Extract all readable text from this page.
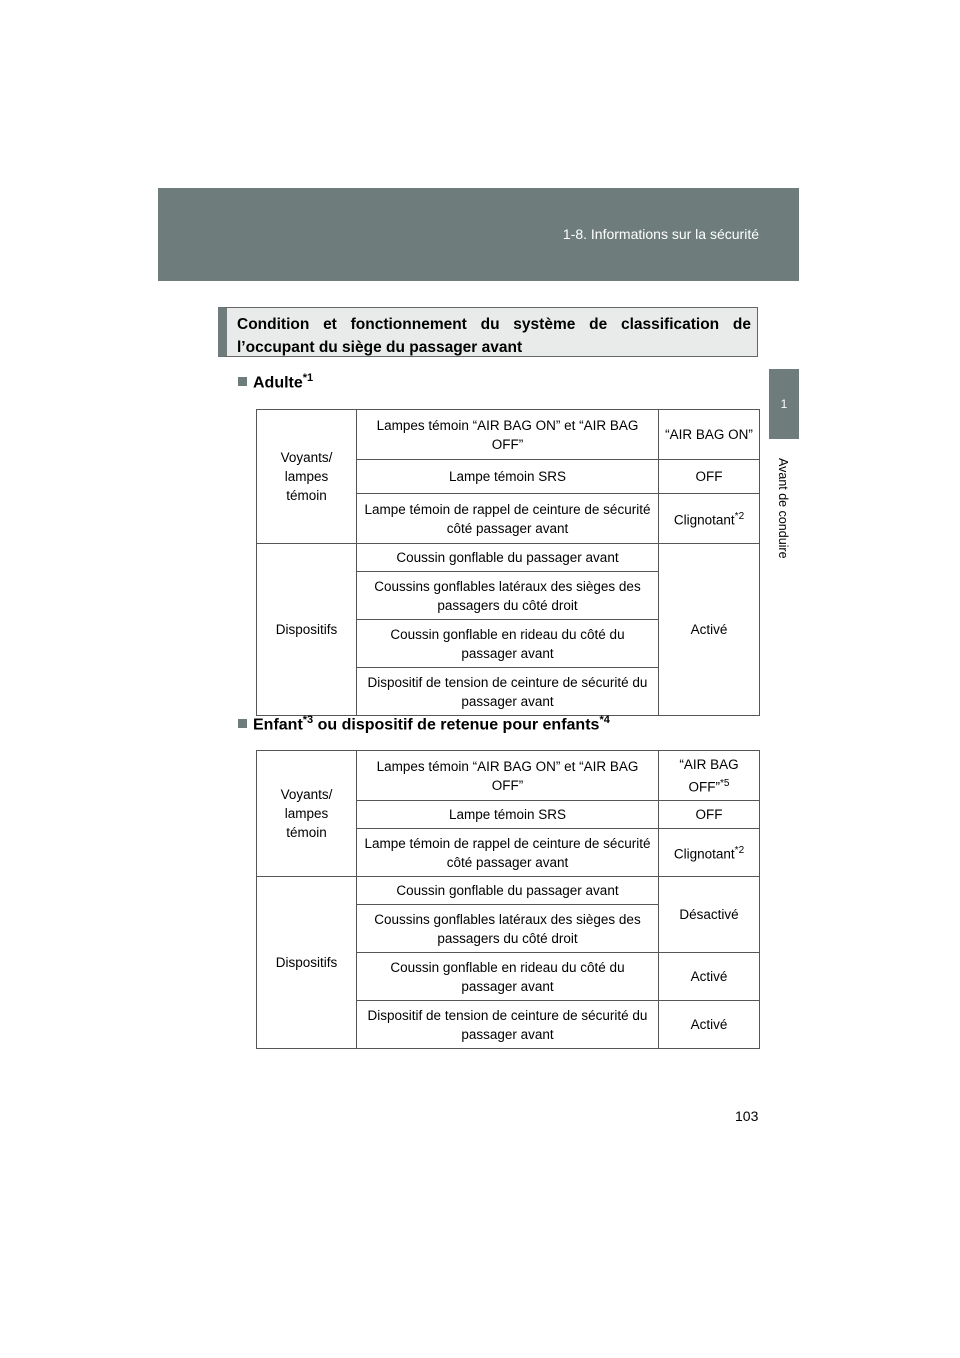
1-8. Informations sur la sécurité
1
Avant de conduire
Condition et fonctionnement du système de classification de l’occupant du siège du passager avant
Adulte$^{*1}$
Voyants/ lampes témoin	Lampes témoin “AIR BAG ON” et “AIR BAG OFF”	“AIR BAG ON”
	Lampe témoin SRS	OFF
	Lampe témoin de rappel de ceinture de sécurité côté passager avant	Clignotant$^{*2}$
Dispositifs	Coussin gonflable du passager avant	Activé
	Coussins gonflables latéraux des sièges des passagers du côté droit	
	Coussin gonflable en rideau du côté du passager avant	
	Dispositif de tension de ceinture de sécurité du passager avant	
Enfant$^{*3}$ ou dispositif de retenue pour enfants$^{*4}$
Voyants/ lampes témoin	Lampes témoin “AIR BAG ON” et “AIR BAG OFF”	“AIR BAG OFF”$^{*5}$
	Lampe témoin SRS	OFF
	Lampe témoin de rappel de ceinture de sécurité côté passager avant	Clignotant$^{*2}$
Dispositifs	Coussin gonflable du passager avant	Désactivé
	Coussins gonflables latéraux des sièges des passagers du côté droit	
	Coussin gonflable en rideau du côté du passager avant	Activé
	Dispositif de tension de ceinture de sécurité du passager avant	Activé
103
